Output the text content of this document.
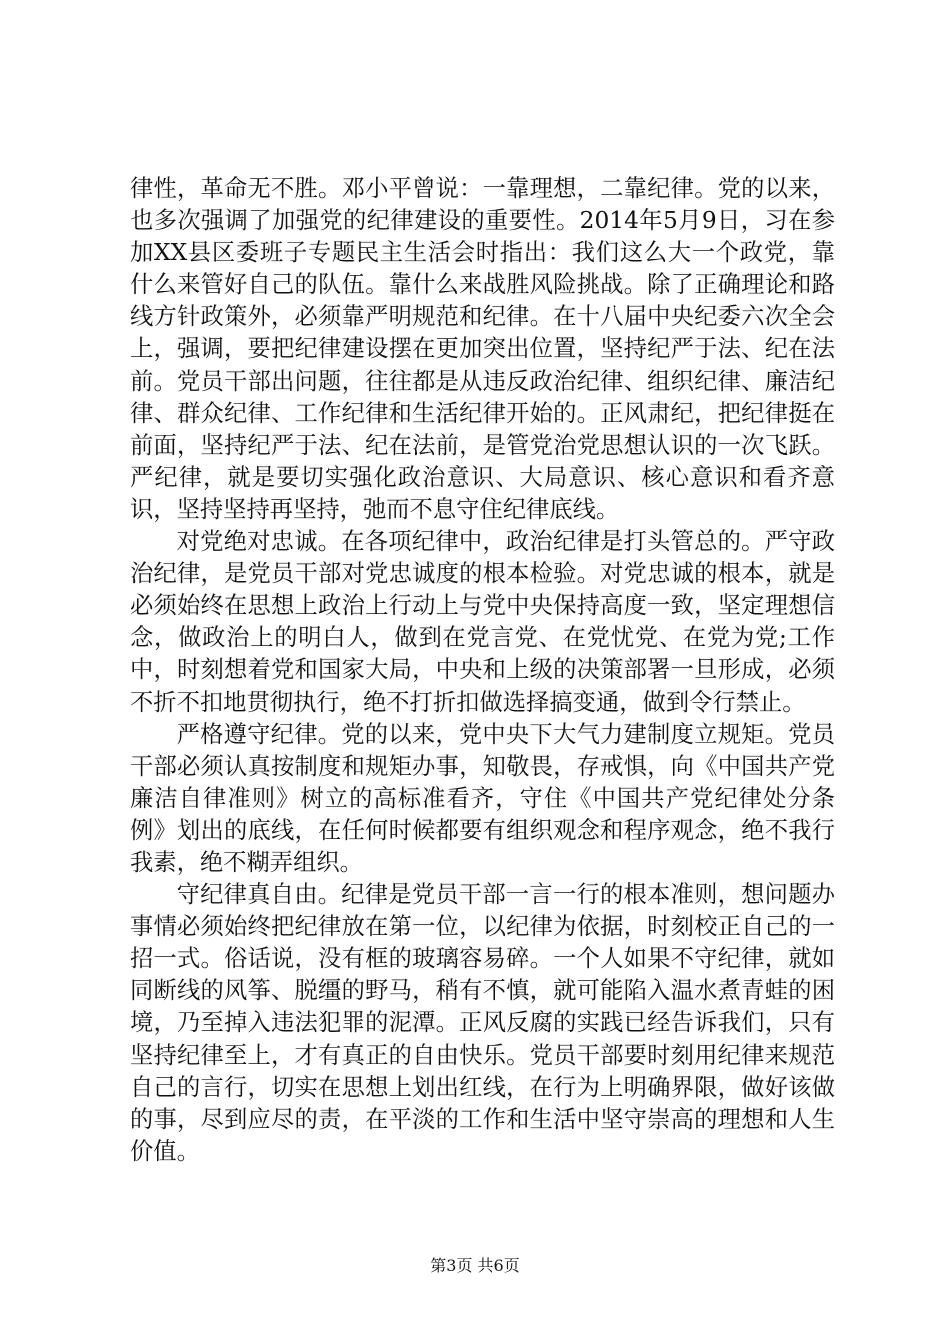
律性，革命无不胜。邓小平曾说：一靠理想，二靠纪律。党的以来，也多次强调了加强党的纪律建设的重要性。2014年5月9日，习在参加XX县区委班子专题民主生活会时指出：我们这么大一个政党，靠什么来管好自己的队伍。靠什么来战胜风险挑战。除了正确理论和路线方针政策外，必须靠严明规范和纪律。在十八届中央纪委六次全会上，强调，要把纪律建设摆在更加突出位置，坚持纪严于法、纪在法前。党员干部出问题，往往都是从违反政治纪律、组织纪律、廉洁纪律、群众纪律、工作纪律和生活纪律开始的。正风肃纪，把纪律挺在前面，坚持纪严于法、纪在法前，是管党治党思想认识的一次飞跃。严纪律，就是要切实强化政治意识、大局意识、核心意识和看齐意识，坚持坚持再坚持，弛而不息守住纪律底线。

对党绝对忠诚。在各项纪律中，政治纪律是打头管总的。严守政治纪律，是党员干部对党忠诚度的根本检验。对党忠诚的根本，就是必须始终在思想上政治上行动上与党中央保持高度一致，坚定理想信念，做政治上的明白人，做到在党言党、在党忧党、在党为党;工作中，时刻想着党和国家大局，中央和上级的决策部署一旦形成，必须不折不扣地贯彻执行，绝不打折扣做选择搞变通，做到令行禁止。

严格遵守纪律。党的以来，党中央下大气力建制度立规矩。党员干部必须认真按制度和规矩办事，知敬畏，存戒惧，向《中国共产党廉洁自律准则》树立的高标准看齐，守住《中国共产党纪律处分条例》划出的底线，在任何时候都要有组织观念和程序观念，绝不我行我素，绝不糊弄组织。

守纪律真自由。纪律是党员干部一言一行的根本准则，想问题办事情必须始终把纪律放在第一位，以纪律为依据，时刻校正自己的一招一式。俗话说，没有框的玻璃容易碎。一个人如果不守纪律，就如同断线的风筝、脱缰的野马，稍有不慎，就可能陷入温水煮青蛙的困境，乃至掉入违法犯罪的泥潭。正风反腐的实践已经告诉我们，只有坚持纪律至上，才有真正的自由快乐。党员干部要时刻用纪律来规范自己的言行，切实在思想上划出红线，在行为上明确界限，做好该做的事，尽到应尽的责，在平淡的工作和生活中坚守崇高的理想和人生价值。

第3页 共6页
